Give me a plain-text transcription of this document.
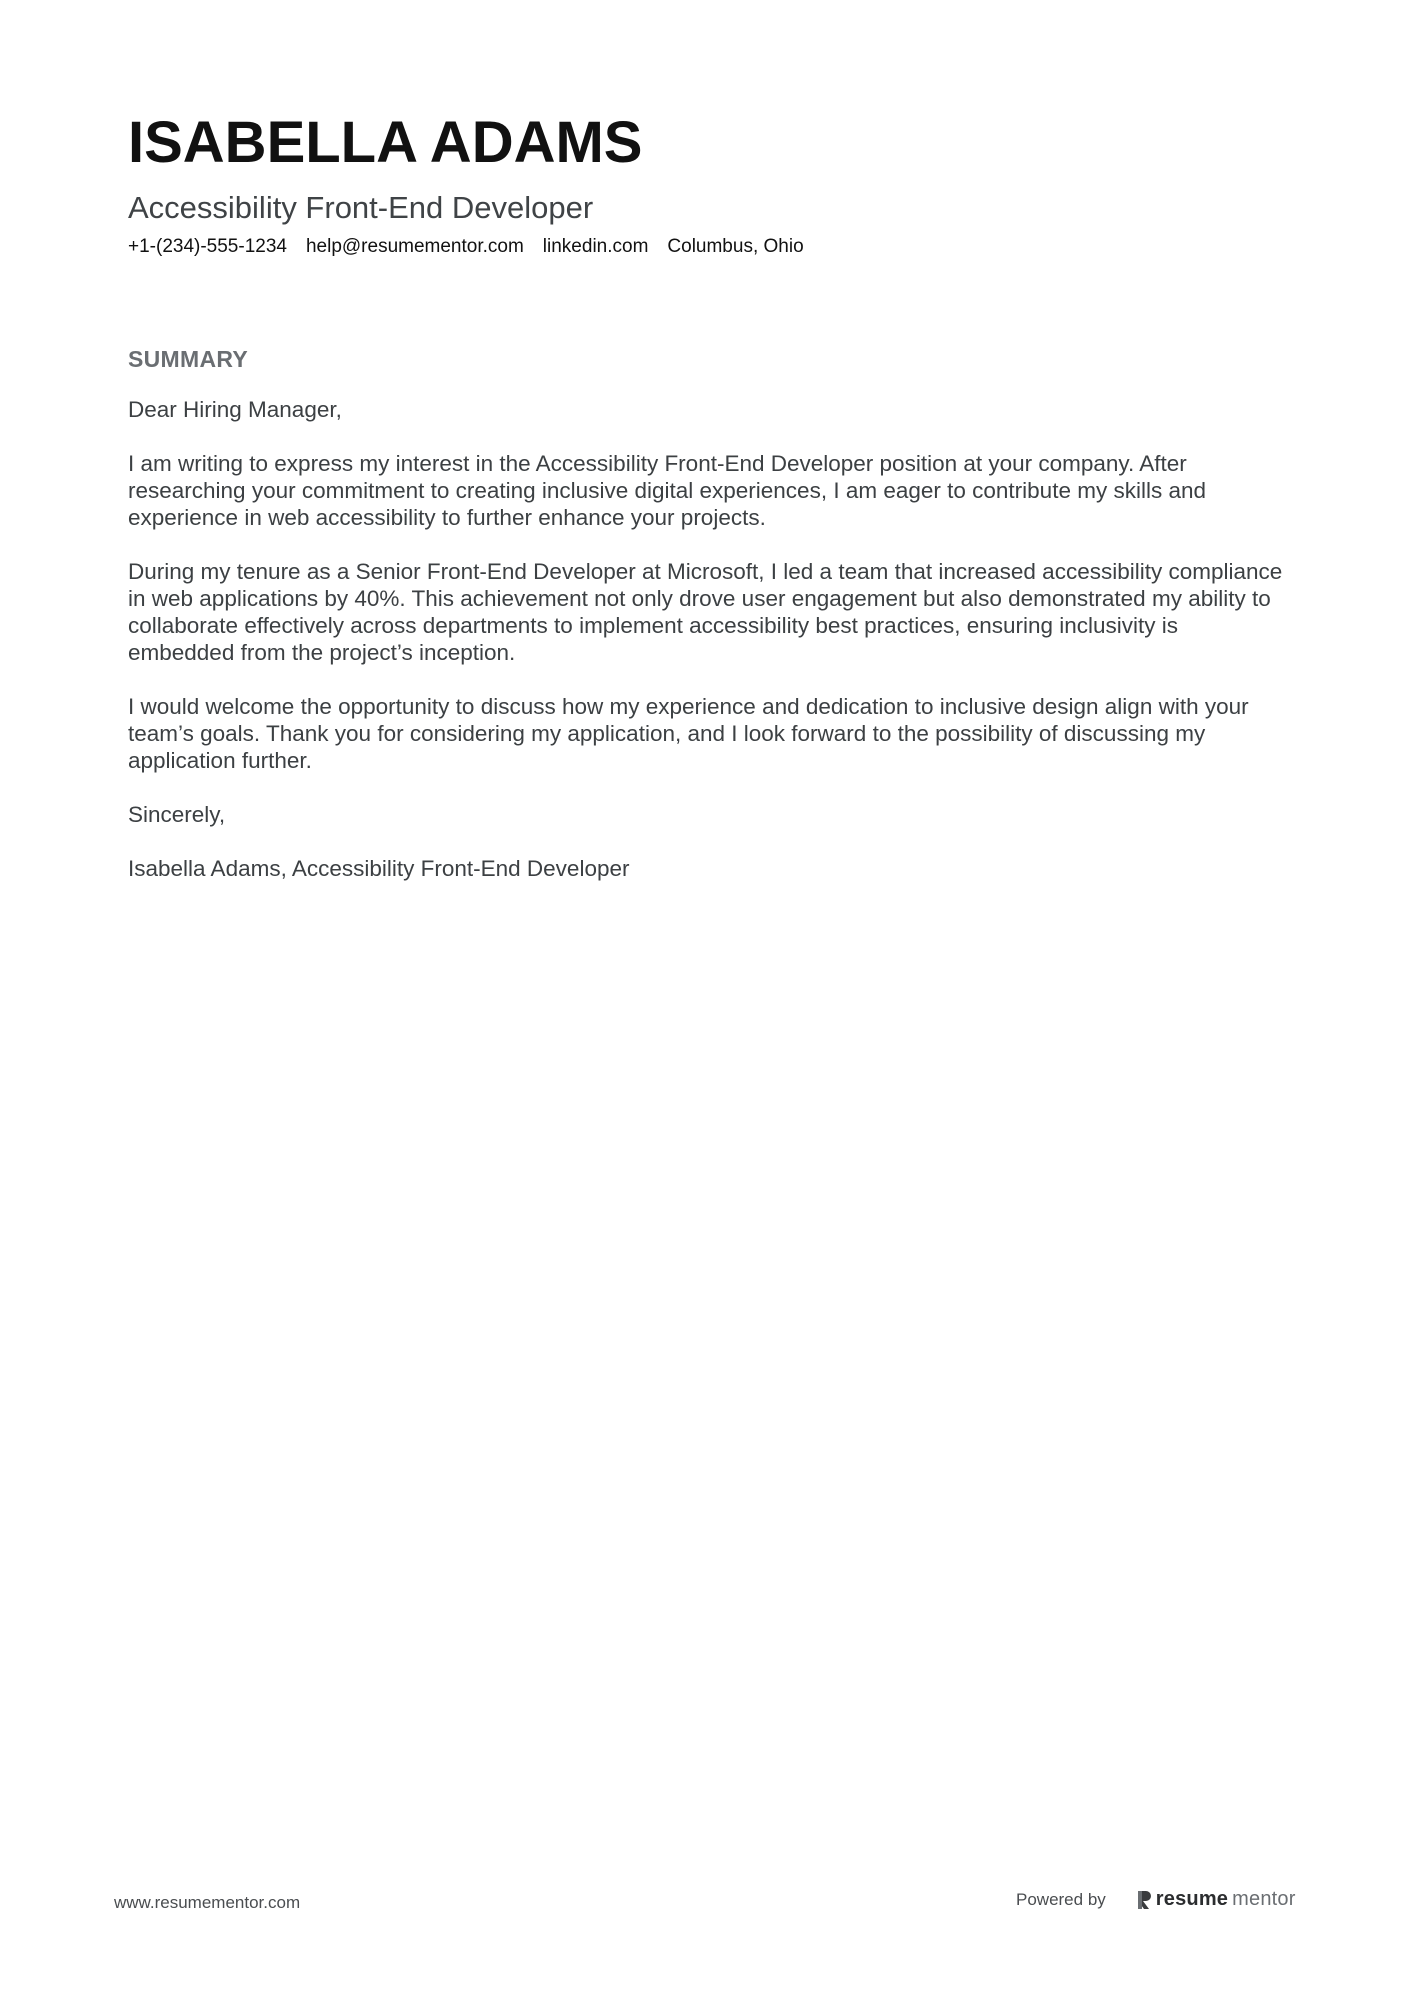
ISABELLA ADAMS
Accessibility Front-End Developer
+1-(234)-555-1234 help@resumementor.com linkedin.com Columbus, Ohio
SUMMARY

Dear Hiring Manager,

I am writing to express my interest in the Accessibility Front-End Developer position at your company. After researching your commitment to creating inclusive digital experiences, I am eager to contribute my skills and experience in web accessibility to further enhance your projects.

During my tenure as a Senior Front-End Developer at Microsoft, I led a team that increased accessibility compliance in web applications by 40%. This achievement not only drove user engagement but also demonstrated my ability to collaborate effectively across departments to implement accessibility best practices, ensuring inclusivity is embedded from the project’s inception.

I would welcome the opportunity to discuss how my experience and dedication to inclusive design align with your team’s goals. Thank you for considering my application, and I look forward to the possibility of discussing my application further.

Sincerely,

Isabella Adams, Accessibility Front-End Developer

www.resumementor.com	Powered by	resume mentor
